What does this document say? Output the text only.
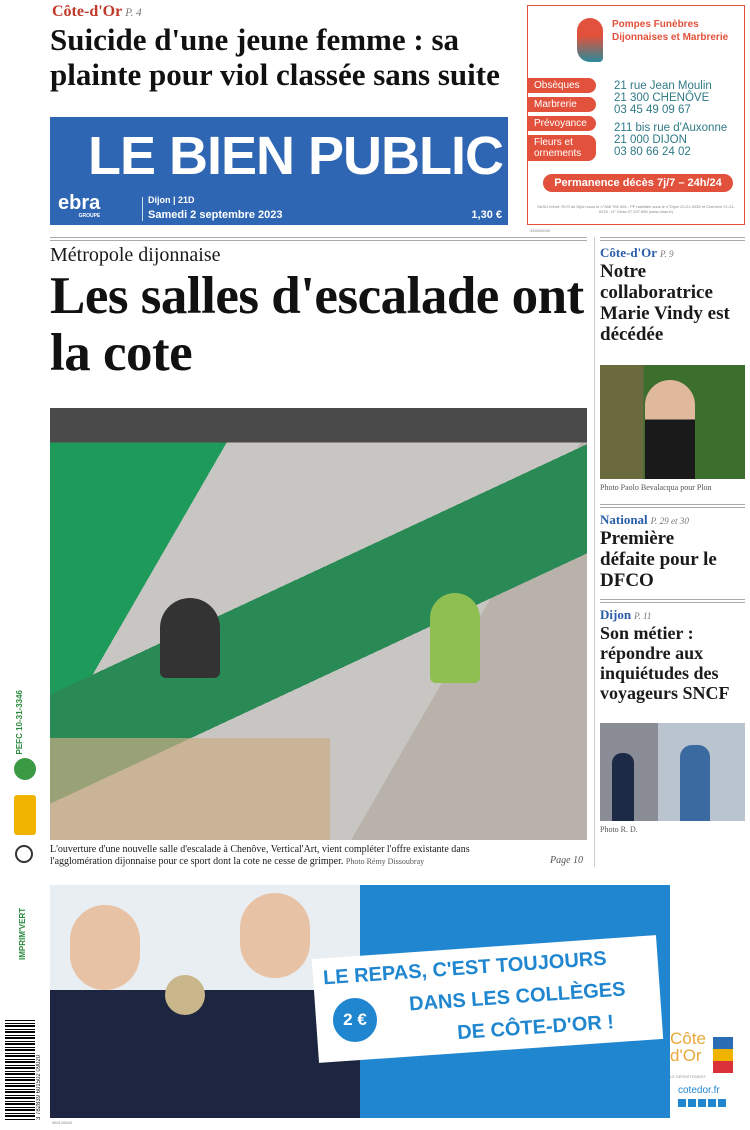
PEFC 10-31-3346
IMPRIM'VERT
3 782839 601502 09020
Côte-d'Or P. 4
Suicide d'une jeune femme : sa plainte pour viol classée sans suite
LE BIEN PUBLIC
ebra
GROUPE
Dijon | 21D
Samedi 2 septembre 2023	1,30 €
Pompes Funèbres Dijonnaises et Marbrerie
Obsèques
Marbrerie
Prévoyance
Fleurs et ornements
21 rue Jean Moulin
21 300 CHENÔVE
03 45 49 09 67
211 bis rue d'Auxonne
21 000 DIJON
03 80 66 24 02
Permanence décès 7j/7 – 24h/24
SASU Imhof, RCS de Dijon sous le n°388 796 526 - PF habilitée sous le n°Dijon 20-21-0035 et Chenôve 21-21-0076 - N° Orias 07 037 898 (www.orias.fr)
334000000
Métropole dijonnaise
Les salles d'escalade ont la cote
L'ouverture d'une nouvelle salle d'escalade à Chenôve, Vertical'Art, vient compléter l'offre existante dans l'agglomération dijonnaise pour ce sport dont la cote ne cesse de grimper. Photo Rémy Dissoubray	Page 10
Côte-d'Or P. 9
Notre collaboratrice Marie Vindy est décédée
Photo Paolo Bevalacqua pour Plon
National P. 29 et 30
Première défaite pour le DFCO
Dijon P. 11
Son métier : répondre aux inquiétudes des voyageurs SNCF
Photo R. D.
LE REPAS, C'EST TOUJOURS
DANS LES COLLÈGES
DE CÔTE-D'OR !
2 €
Côte d'Or
LE DÉPARTEMENT
cotedor.fr
360128400
